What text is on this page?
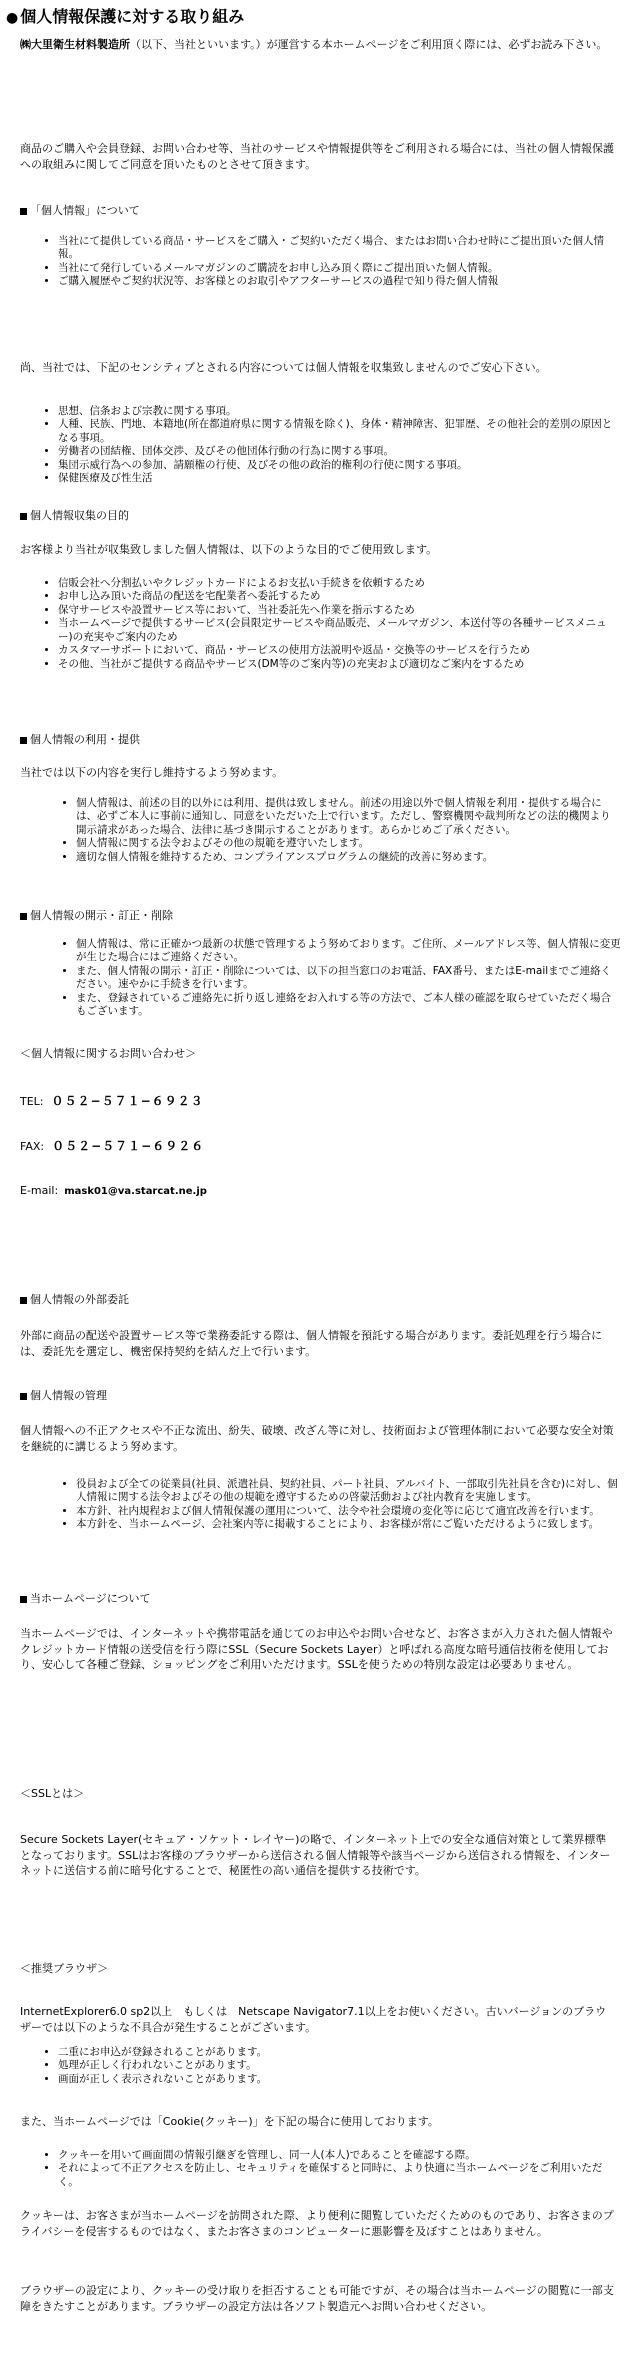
● 個人情報保護に対する取り組み

㈱大里衛生材料製造所（以下、当社といいます。）が運営する本ホームページをご利用頂く際には、必ずお読み下さい。

商品のご購入や会員登録、お問い合わせ等、当社のサービスや情報提供等をご利用される場合には、当社の個人情報保護への取組みに関してご同意を頂いたものとさせて頂きます。

「個人情報」について

• 当社にて提供している商品・サービスをご購入・ご契約いただく場合、またはお問い合わせ時にご提出頂いた個人情報。
• 当社にて発行しているメールマガジンのご購読をお申し込み頂く際にご提出頂いた個人情報。
• ご購入履歴やご契約状況等、お客様とのお取引やアフターサービスの過程で知り得た個人情報

尚、当社では、下記のセンシティブとされる内容については個人情報を収集致しませんのでご安心下さい。

• 思想、信条および宗教に関する事項。
• 人種、民族、門地、本籍地(所在都道府県に関する情報を除く)、身体・精神障害、犯罪歴、その他社会的差別の原因となる事項。
• 労働者の団結権、団体交渉、及びその他団体行動の行為に関する事項。
• 集団示威行為への参加、請願権の行使、及びその他の政治的権利の行使に関する事項。
• 保健医療及び性生活

個人情報収集の目的

お客様より当社が収集致しました個人情報は、以下のような目的でご使用致します。

• 信販会社へ分割払いやクレジットカードによるお支払い手続きを依頼するため
• お申し込み頂いた商品の配送を宅配業者へ委託するため
• 保守サービスや設置サービス等において、当社委託先へ作業を指示するため
• 当ホームページで提供するサービス(会員限定サービスや商品販売、メールマガジン、本送付等の各種サービスメニュー)の充実やご案内のため
• カスタマーサポートにおいて、商品・サービスの使用方法説明や返品・交換等のサービスを行うため
• その他、当社がご提供する商品やサービス(DM等のご案内等)の充実および適切なご案内をするため

個人情報の利用・提供

当社では以下の内容を実行し維持するよう努めます。

• 個人情報は、前述の目的以外には利用、提供は致しません。前述の用途以外で個人情報を利用・提供する場合には、必ずご本人に事前に通知し、同意をいただいた上で行います。ただし、警察機関や裁判所などの法的機関より開示請求があった場合、法律に基づき開示することがあります。あらかじめご了承ください。
• 個人情報に関する法令およびその他の規範を遵守いたします。
• 適切な個人情報を維持するため、コンプライアンスプログラムの継続的改善に努めます。

個人情報の開示・訂正・削除

• 個人情報は、常に正確かつ最新の状態で管理するよう努めております。ご住所、メールアドレス等、個人情報に変更が生じた場合にはご連絡ください。
• また、個人情報の開示・訂正・削除については、以下の担当窓口のお電話、FAX番号、またはE-mailまでご連絡ください。速やかに手続きを行います。
• また、登録されているご連絡先に折り返し連絡をお入れする等の方法で、ご本人様の確認を取らせていただく場合もございます。

＜個人情報に関するお問い合わせ＞

TEL: ０５２−５７１−６９２３

FAX: ０５２−５７１−６９２６

E-mail: mask01@va.starcat.ne.jp

個人情報の外部委託

外部に商品の配送や設置サービス等で業務委託する際は、個人情報を預託する場合があります。委託処理を行う場合には、委託先を選定し、機密保持契約を結んだ上で行います。

個人情報の管理

個人情報への不正アクセスや不正な流出、紛失、破壊、改ざん等に対し、技術面および管理体制において必要な安全対策を継続的に講じるよう努めます。

• 役員および全ての従業員(社員、派遣社員、契約社員、パート社員、アルバイト、一部取引先社員を含む)に対し、個人情報に関する法令およびその他の規範を遵守するための啓蒙活動および社内教育を実施します。
• 本方針、社内規程および個人情報保護の運用について、法令や社会環境の変化等に応じて適宜改善を行います。
• 本方針を、当ホームページ、会社案内等に掲載することにより、お客様が常にご覧いただけるように致します。

当ホームページについて

当ホームページでは、インターネットや携帯電話を通じてのお申込やお問い合せなど、お客さまが入力された個人情報やクレジットカード情報の送受信を行う際にSSL（Secure Sockets Layer）と呼ばれる高度な暗号通信技術を使用しており、安心して各種ご登録、ショッピングをご利用いただけます。SSLを使うための特別な設定は必要ありません。

＜SSLとは＞

Secure Sockets Layer(セキュア・ソケット・レイヤー)の略で、インターネット上での安全な通信対策として業界標準となっております。SSLはお客様のブラウザーから送信される個人情報等や該当ページから送信される情報を、インターネットに送信する前に暗号化することで、秘匿性の高い通信を提供する技術です。

＜推奨ブラウザ＞

InternetExplorer6.0 sp2以上　もしくは　Netscape Navigator7.1以上をお使いください。古いバージョンのブラウザーでは以下のような不具合が発生することがございます。

• 二重にお申込が登録されることがあります。
• 処理が正しく行われないことがあります。
• 画面が正しく表示されないことがあります。

また、当ホームページでは「Cookie(クッキー)」を下記の場合に使用しております。

• クッキーを用いて画面間の情報引継ぎを管理し、同一人(本人)であることを確認する際。
• それによって不正アクセスを防止し、セキュリティを確保すると同時に、より快適に当ホームページをご利用いただく。

クッキーは、お客さまが当ホームページを訪問された際、より便利に閲覧していただくためのものであり、お客さまのプライバシーを侵害するものではなく、またお客さまのコンピューターに悪影響を及ぼすことはありません。

ブラウザーの設定により、クッキーの受け取りを拒否することも可能ですが、その場合は当ホームページの閲覧に一部支障をきたすことがあります。ブラウザーの設定方法は各ソフト製造元へお問い合わせください。
